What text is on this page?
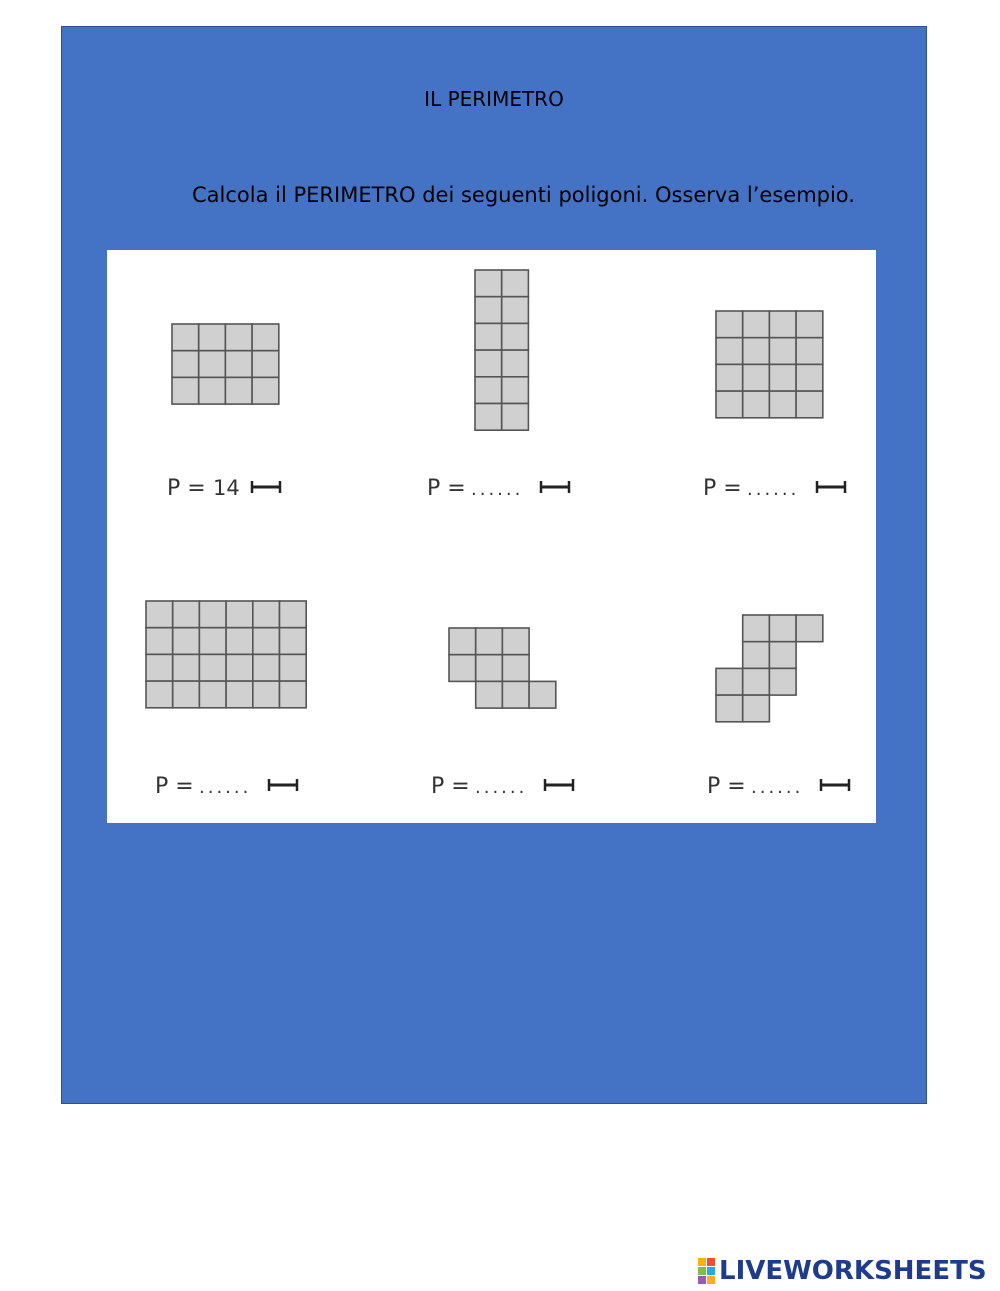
IL PERIMETRO
Calcola il PERIMETRO dei seguenti poligoni. Osserva l’esempio.
P = 14	P = ......	P = ......
P = ......	P = ......	P = ......
LIVEWORKSHEETS
